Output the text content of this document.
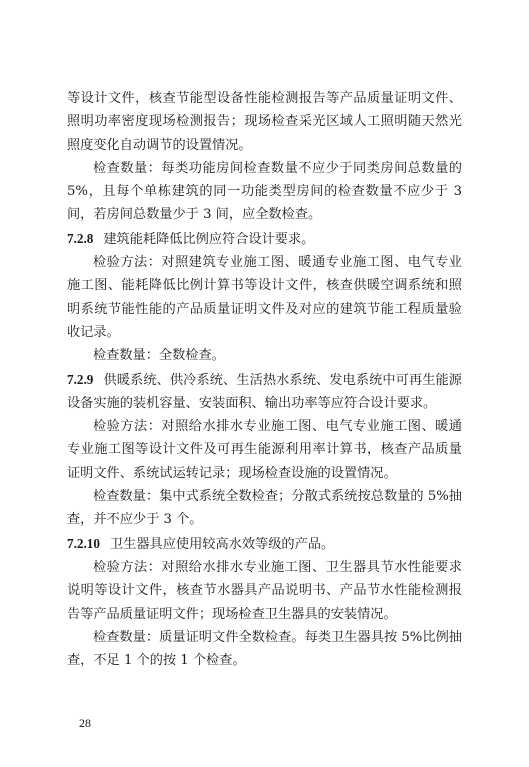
等设计文件，核查节能型设备性能检测报告等产品质量证明文件、照明功率密度现场检测报告；现场检查采光区域人工照明随天然光照度变化自动调节的设置情况。

检查数量：每类功能房间检查数量不应少于同类房间总数量的 5%，且每个单栋建筑的同一功能类型房间的检查数量不应少于 3 间，若房间总数量少于 3 间，应全数检查。

7.2.8 建筑能耗降低比例应符合设计要求。

检验方法：对照建筑专业施工图、暖通专业施工图、电气专业施工图、能耗降低比例计算书等设计文件，核查供暖空调系统和照明系统节能性能的产品质量证明文件及对应的建筑节能工程质量验收记录。

检查数量：全数检查。

7.2.9 供暖系统、供冷系统、生活热水系统、发电系统中可再生能源设备实施的装机容量、安装面积、输出功率等应符合设计要求。

检验方法：对照给水排水专业施工图、电气专业施工图、暖通专业施工图等设计文件及可再生能源利用率计算书，核查产品质量证明文件、系统试运转记录；现场检查设施的设置情况。

检查数量：集中式系统全数检查；分散式系统按总数量的 5%抽查，并不应少于 3 个。

7.2.10 卫生器具应使用较高水效等级的产品。

检验方法：对照给水排水专业施工图、卫生器具节水性能要求说明等设计文件，核查节水器具产品说明书、产品节水性能检测报告等产品质量证明文件；现场检查卫生器具的安装情况。

检查数量：质量证明文件全数检查。每类卫生器具按 5%比例抽查，不足 1 个的按 1 个检查。

28
